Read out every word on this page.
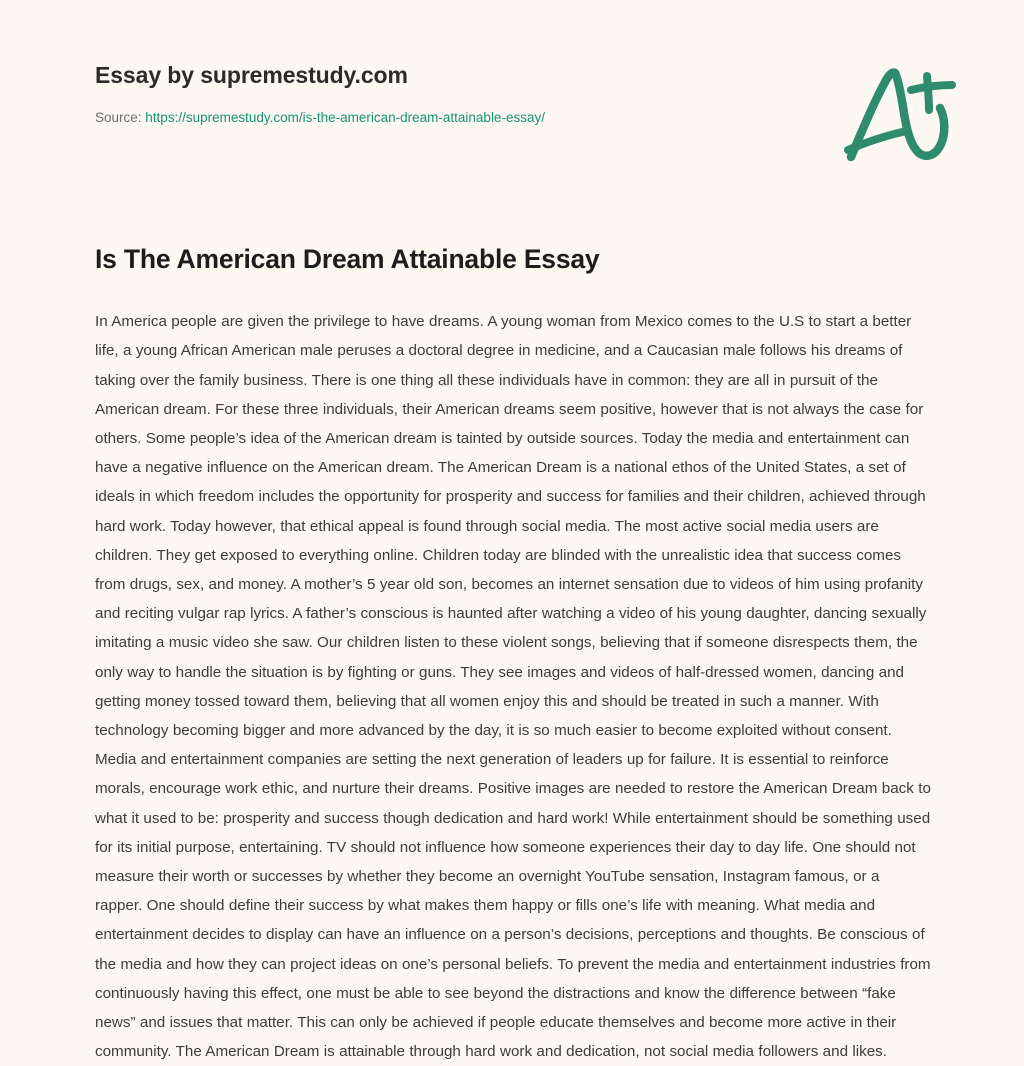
Essay by supremestudy.com
Source: https://supremestudy.com/is-the-american-dream-attainable-essay/
Is The American Dream Attainable Essay

In America people are given the privilege to have dreams. A young woman from Mexico comes to the U.S to start a better life, a young African American male peruses a doctoral degree in medicine, and a Caucasian male follows his dreams of taking over the family business. There is one thing all these individuals have in common: they are all in pursuit of the American dream. For these three individuals, their American dreams seem positive, however that is not always the case for others. Some people’s idea of the American dream is tainted by outside sources. Today the media and entertainment can have a negative influence on the American dream. The American Dream is a national ethos of the United States, a set of ideals in which freedom includes the opportunity for prosperity and success for families and their children, achieved through hard work. Today however, that ethical appeal is found through social media. The most active social media users are children. They get exposed to everything online. Children today are blinded with the unrealistic idea that success comes from drugs, sex, and money. A mother’s 5 year old son, becomes an internet sensation due to videos of him using profanity and reciting vulgar rap lyrics. A father’s conscious is haunted after watching a video of his young daughter, dancing sexually imitating a music video she saw. Our children listen to these violent songs, believing that if someone disrespects them, the only way to handle the situation is by fighting or guns. They see images and videos of half-dressed women, dancing and getting money tossed toward them, believing that all women enjoy this and should be treated in such a manner. With technology becoming bigger and more advanced by the day, it is so much easier to become exploited without consent. Media and entertainment companies are setting the next generation of leaders up for failure. It is essential to reinforce morals, encourage work ethic, and nurture their dreams. Positive images are needed to restore the American Dream back to what it used to be: prosperity and success though dedication and hard work! While entertainment should be something used for its initial purpose, entertaining. TV should not influence how someone experiences their day to day life. One should not measure their worth or successes by whether they become an overnight YouTube sensation, Instagram famous, or a rapper. One should define their success by what makes them happy or fills one’s life with meaning. What media and entertainment decides to display can have an influence on a person’s decisions, perceptions and thoughts. Be conscious of the media and how they can project ideas on one’s personal beliefs. To prevent the media and entertainment industries from continuously having this effect, one must be able to see beyond the distractions and know the difference between “fake news” and issues that matter. This can only be achieved if people educate themselves and become more active in their community. The American Dream is attainable through hard work and dedication, not social media followers and likes.
